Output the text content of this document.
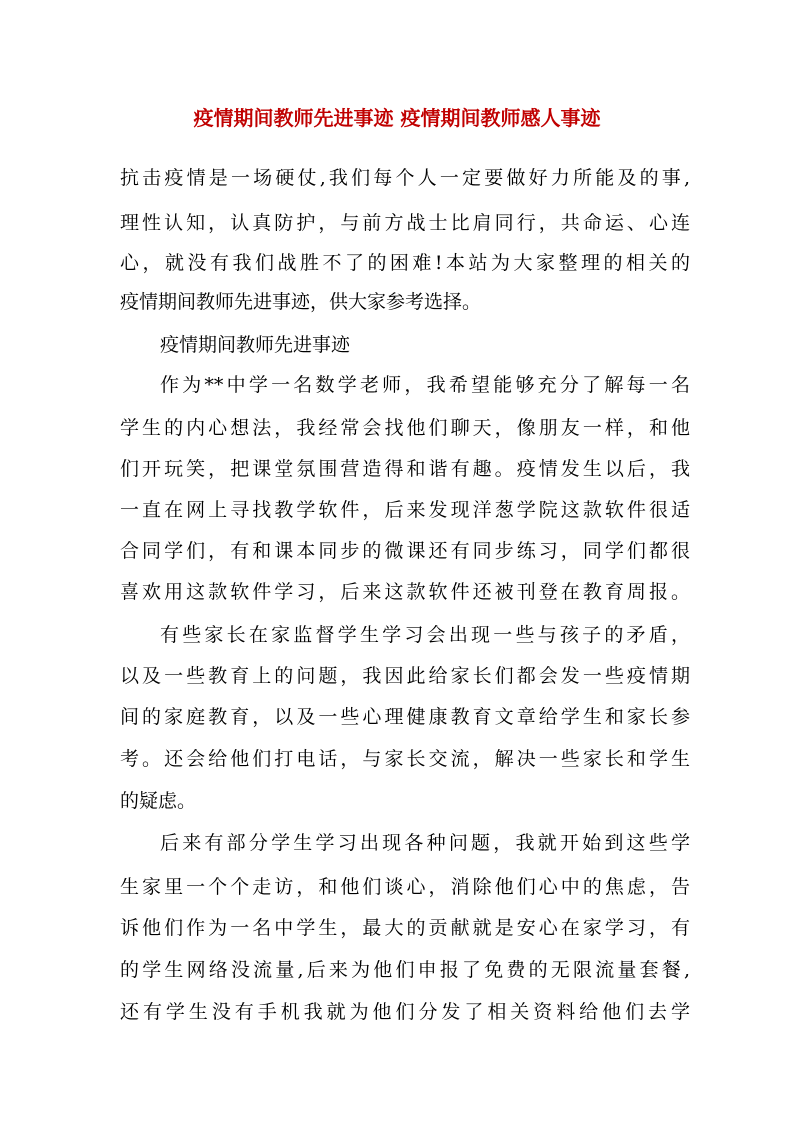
疫情期间教师先进事迹 疫情期间教师感人事迹
抗击疫情是一场硬仗,我们每个人一定要做好力所能及的事,
理性认知，认真防护，与前方战士比肩同行，共命运、心连
心，就没有我们战胜不了的困难!本站为大家整理的相关的
疫情期间教师先进事迹，供大家参考选择。
疫情期间教师先进事迹
作为**中学一名数学老师，我希望能够充分了解每一名
学生的内心想法，我经常会找他们聊天，像朋友一样，和他
们开玩笑，把课堂氛围营造得和谐有趣。疫情发生以后，我
一直在网上寻找教学软件，后来发现洋葱学院这款软件很适
合同学们，有和课本同步的微课还有同步练习，同学们都很
喜欢用这款软件学习，后来这款软件还被刊登在教育周报。
有些家长在家监督学生学习会出现一些与孩子的矛盾，
以及一些教育上的问题，我因此给家长们都会发一些疫情期
间的家庭教育，以及一些心理健康教育文章给学生和家长参
考。还会给他们打电话，与家长交流，解决一些家长和学生
的疑虑。
后来有部分学生学习出现各种问题，我就开始到这些学
生家里一个个走访，和他们谈心，消除他们心中的焦虑，告
诉他们作为一名中学生，最大的贡献就是安心在家学习，有
的学生网络没流量,后来为他们申报了免费的无限流量套餐,
还有学生没有手机我就为他们分发了相关资料给他们去学
